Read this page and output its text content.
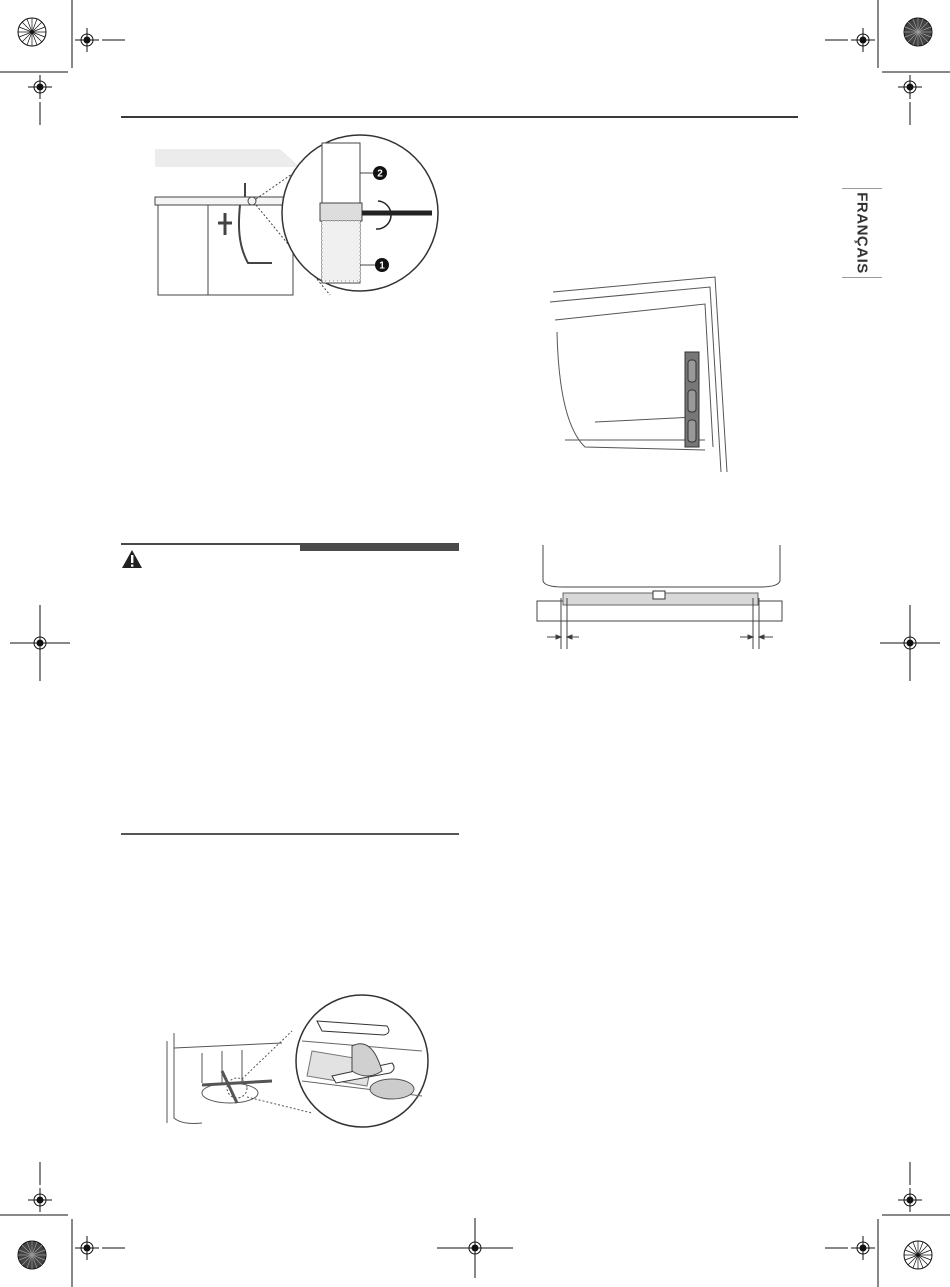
FRANÇAIS
2
1
